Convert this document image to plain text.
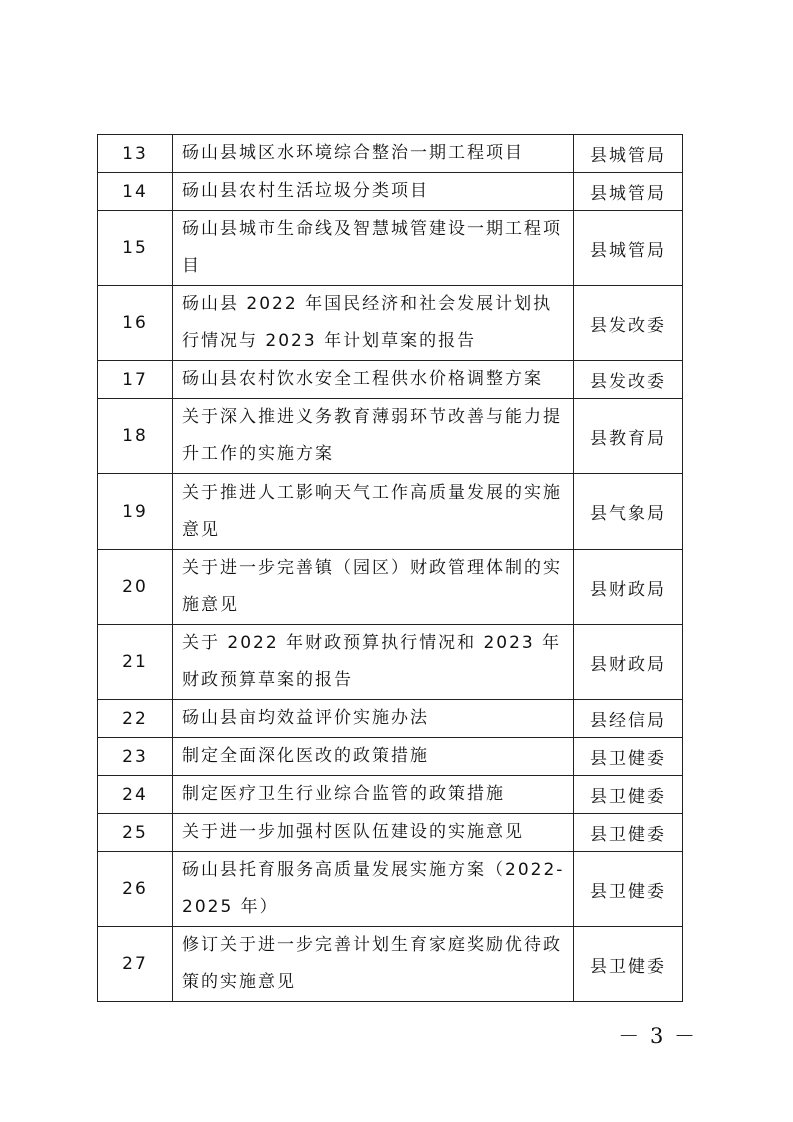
13	砀山县城区水环境综合整治一期工程项目	县城管局
14	砀山县农村生活垃圾分类项目	县城管局
15	砀山县城市生命线及智慧城管建设一期工程项目	县城管局
16	砀山县 2022 年国民经济和社会发展计划执行情况与 2023 年计划草案的报告	县发改委
17	砀山县农村饮水安全工程供水价格调整方案	县发改委
18	关于深入推进义务教育薄弱环节改善与能力提升工作的实施方案	县教育局
19	关于推进人工影响天气工作高质量发展的实施意见	县气象局
20	关于进一步完善镇（园区）财政管理体制的实施意见	县财政局
21	关于 2022 年财政预算执行情况和 2023 年财政预算草案的报告	县财政局
22	砀山县亩均效益评价实施办法	县经信局
23	制定全面深化医改的政策措施	县卫健委
24	制定医疗卫生行业综合监管的政策措施	县卫健委
25	关于进一步加强村医队伍建设的实施意见	县卫健委
26	砀山县托育服务高质量发展实施方案（2022-2025 年）	县卫健委
27	修订关于进一步完善计划生育家庭奖励优待政策的实施意见	县卫健委
－ 3 －
